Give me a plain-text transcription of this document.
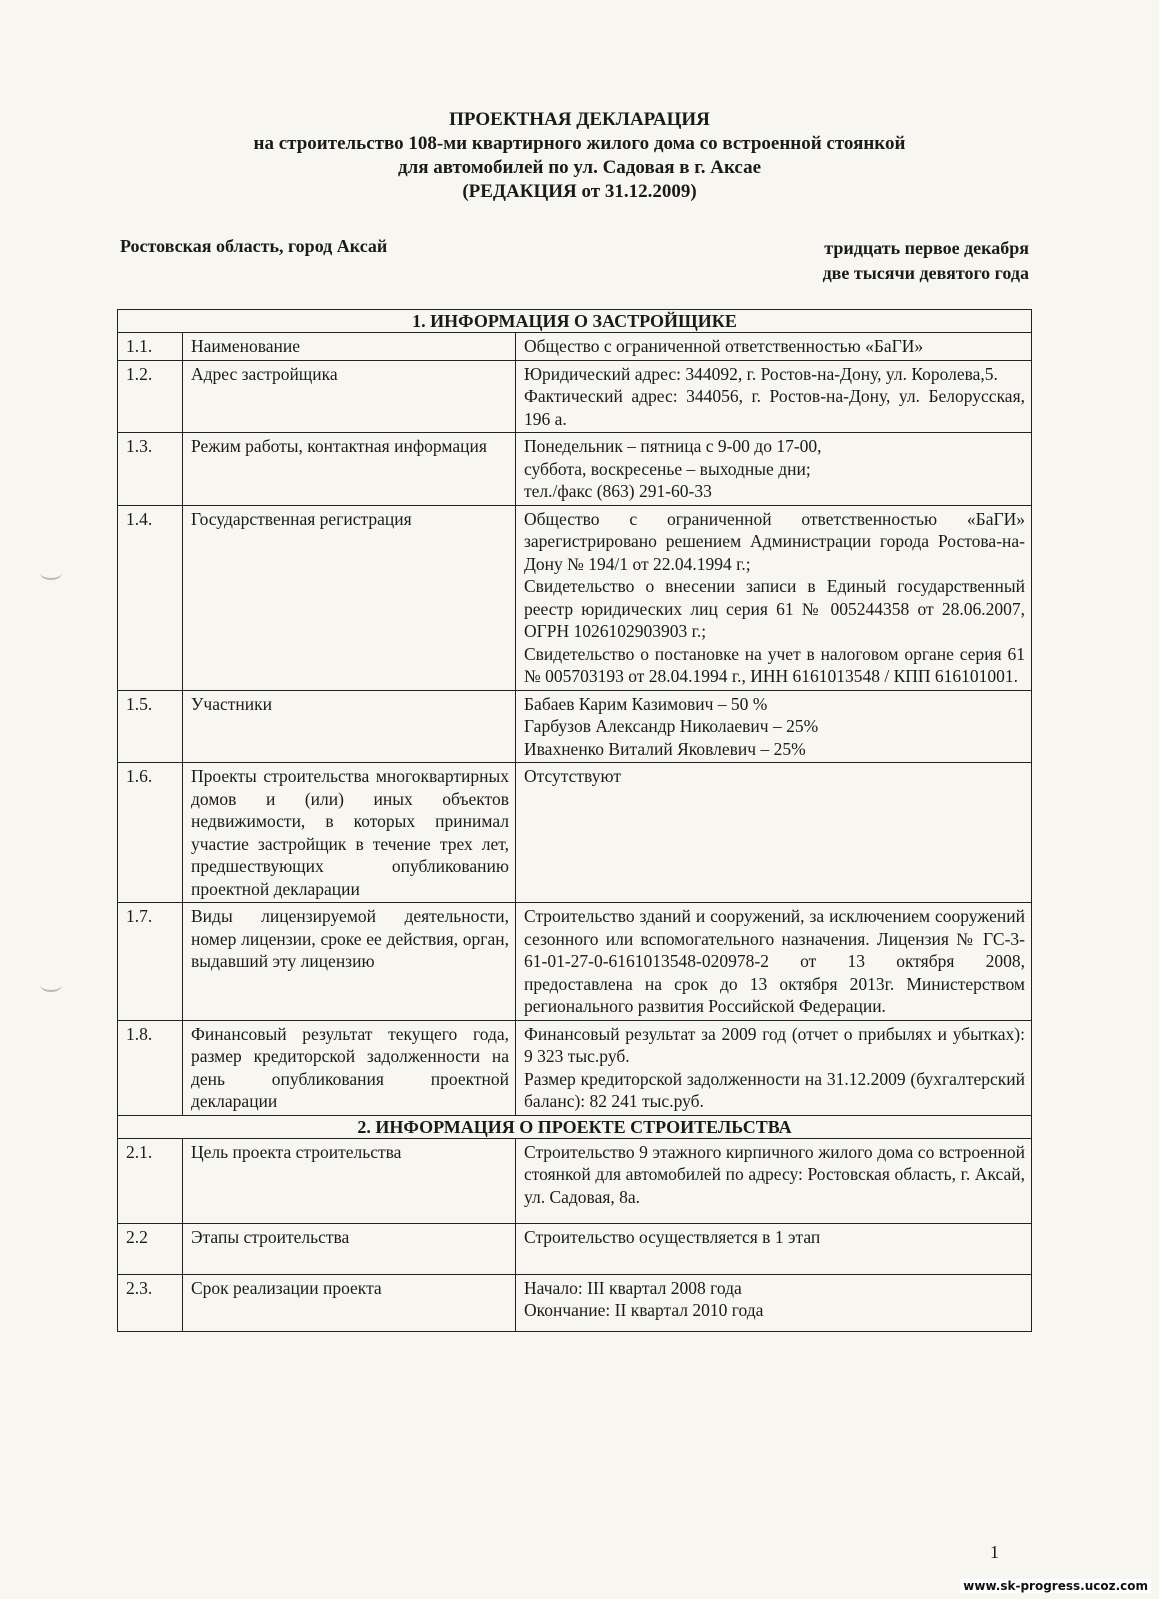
ПРОЕКТНАЯ ДЕКЛАРАЦИЯ
на строительство 108-ми квартирного жилого дома со встроенной стоянкой
для автомобилей по ул. Садовая в г. Аксае
(РЕДАКЦИЯ от 31.12.2009)
Ростовская область, город Аксай	тридцать первое декабря
две тысячи девятого года
1. ИНФОРМАЦИЯ О ЗАСТРОЙЩИКЕ		
1.1.	Наименование	Общество с ограниченной ответственностью «БаГИ»

1.2.	Адрес застройщика	Юридический адрес: 344092, г. Ростов-на-Дону, ул. Королева,5.
Фактический адрес: 344056, г. Ростов-на-Дону, ул. Белорусская, 196 а.

1.3.	Режим работы, контактная информация	Понедельник – пятница с 9-00 до 17-00,
суббота, воскресенье – выходные дни;
тел./факс (863) 291-60-33

1.4.	Государственная регистрация	Общество с ограниченной ответственностью «БаГИ» зарегистрировано решением Администрации города Ростова-на-Дону № 194/1 от 22.04.1994 г.;
Свидетельство о внесении записи в Единый государственный реестр юридических лиц серия 61 № 005244358 от 28.06.2007, ОГРН 1026102903903 г.;
Свидетельство о постановке на учет в налоговом органе серия 61 № 005703193 от 28.04.1994 г., ИНН 6161013548 / КПП 616101001.

1.5.	Участники	Бабаев Карим Казимович – 50 %
Гарбузов Александр Николаевич – 25%
Ивахненко Виталий Яковлевич – 25%

1.6.	Проекты строительства многоквартирных домов и (или) иных объектов недвижимости, в которых принимал участие застройщик в течение трех лет, предшествующих опубликованию проектной декларации	Отсутствуют

1.7.	Виды лицензируемой деятельности, номер лицензии, сроке ее действия, орган, выдавший эту лицензию	Строительство зданий и сооружений, за исключением сооружений сезонного или вспомогательного назначения. Лицензия № ГС-3-61-01-27-0-6161013548-020978-2 от 13 октября 2008, предоставлена на срок до 13 октября 2013г. Министерством регионального развития Российской Федерации.

1.8.	Финансовый результат текущего года, размер кредиторской задолженности на день опубликования проектной декларации	Финансовый результат за 2009 год (отчет о прибылях и убытках): 9 323 тыс.руб.
Размер кредиторской задолженности на 31.12.2009 (бухгалтерский баланс): 82 241 тыс.руб.

2. ИНФОРМАЦИЯ О ПРОЕКТЕ СТРОИТЕЛЬСТВА		
2.1.	Цель проекта строительства	Строительство 9 этажного кирпичного жилого дома со встроенной стоянкой для автомобилей по адресу: Ростовская область, г. Аксай, ул. Садовая, 8а.

2.2	Этапы строительства	Строительство осуществляется в 1 этап

2.3.	Срок реализации проекта	Начало: III квартал 2008 года
Окончание: II квартал 2010 года
1
www.sk-progress.ucoz.com
